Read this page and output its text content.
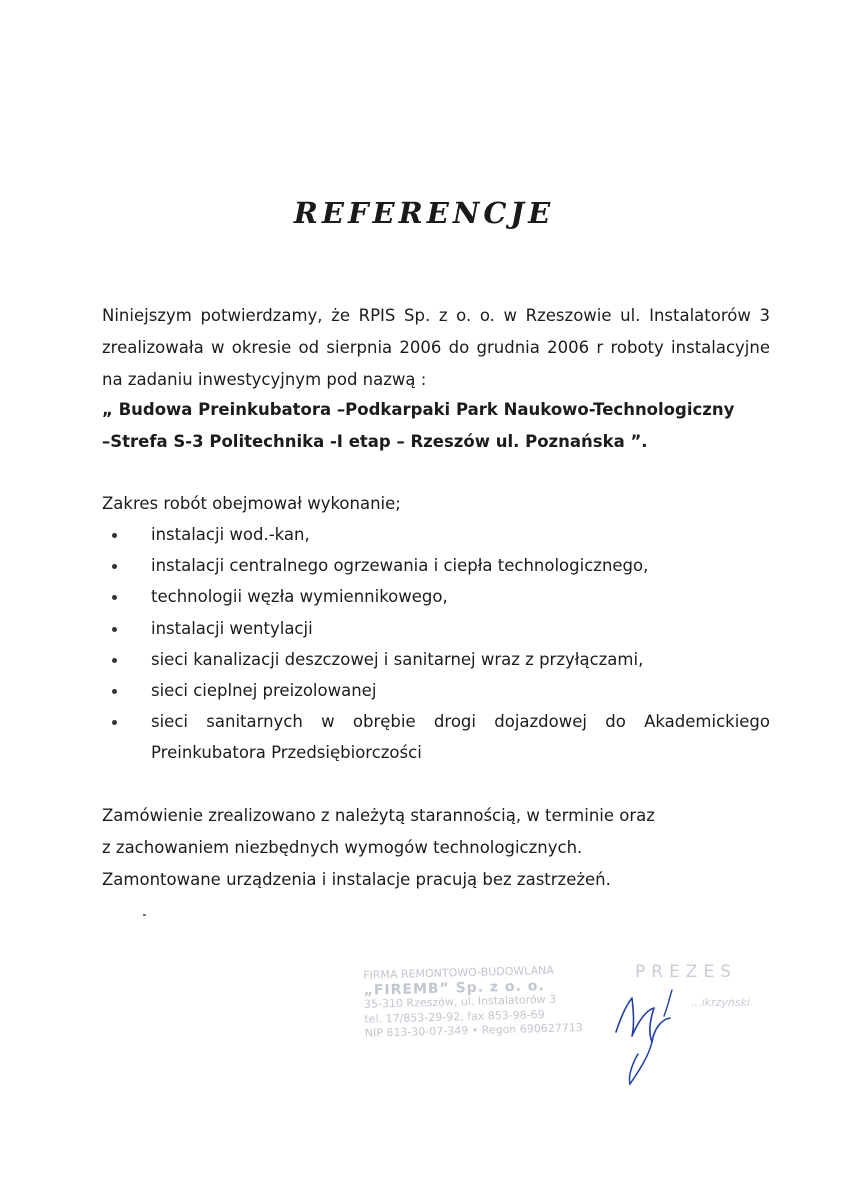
REFERENCJE

Niniejszym potwierdzamy, że RPIS Sp. z o. o. w Rzeszowie ul. Instalatorów 3 zrealizowała w okresie od sierpnia 2006 do grudnia 2006 r roboty instalacyjne na zadaniu inwestycyjnym pod nazwą :

„ Budowa Preinkubatora –Podkarpaki Park Naukowo-Technologiczny
–Strefa S-3 Politechnika -I etap – Rzeszów ul. Poznańska ”.

Zakres robót obejmował wykonanie;

instalacji wod.-kan,
instalacji centralnego ogrzewania i ciepła technologicznego,
technologii węzła wymiennikowego,
instalacji wentylacji
sieci kanalizacji deszczowej i sanitarnej wraz z przyłączami,
sieci cieplnej preizolowanej
sieci sanitarnych w obrębie drogi dojazdowej do Akademickiego Preinkubatora Przedsiębiorczości

Zamówienie zrealizowano z należytą starannością, w terminie oraz
z zachowaniem niezbędnych wymogów technologicznych.
Zamontowane urządzenia i instalacje pracują bez zastrzeżeń.

FIRMA REMONTOWO-BUDOWLANA
„FIREMB” Sp. z o. o.
35-310 Rzeszów, ul. Instalatorów 3
tel. 17/853-29-92, fax 853-98-69
NIP 813-30-07-349 • Regon 690627713
PREZES
...ikrzyński
